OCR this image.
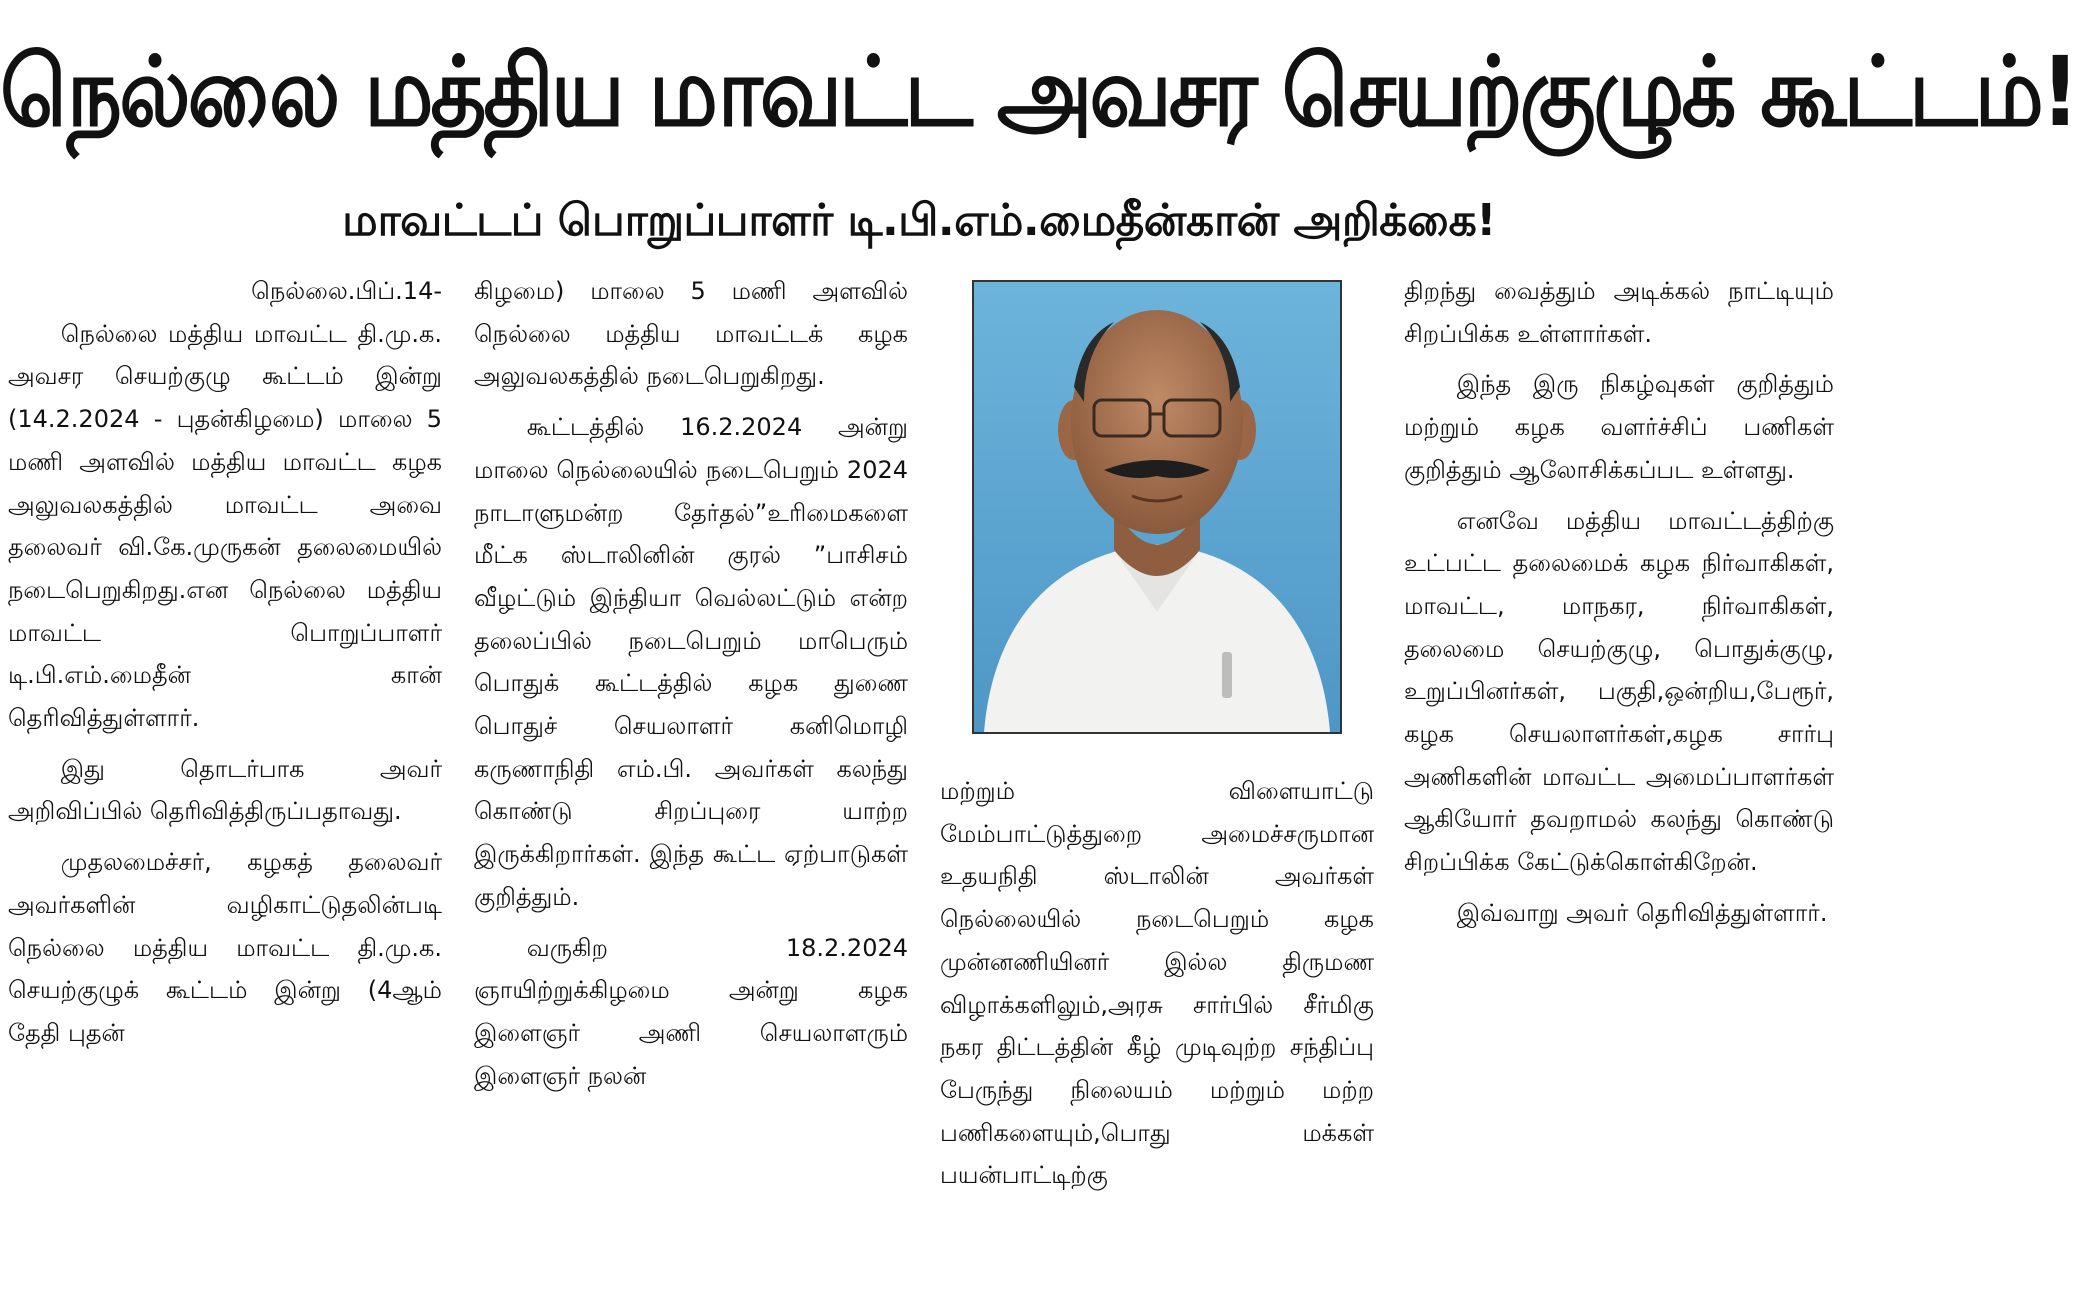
நெல்லை மத்திய மாவட்ட அவசர செயற்குழுக் கூட்டம்!
மாவட்டப் பொறுப்பாளர் டி.பி.எம்.மைதீன்கான் அறிக்கை!

நெல்லை.பிப்.14-

நெல்லை மத்திய மாவட்ட தி.மு.க. அவசர செயற்குழு கூட்டம் இன்று (14.2.2024 - புதன்கிழமை) மாலை 5 மணி அளவில் மத்திய மாவட்ட கழக அலுவலகத்தில் மாவட்ட அவை தலைவர் வி.கே.முருகன் தலைமையில் நடைபெறுகிறது.என நெல்லை மத்திய மாவட்ட பொறுப்பாளர் டி.பி.எம்.மைதீன் கான் தெரிவித்துள்ளார்.

இது தொடர்பாக அவர் அறிவிப்பில் தெரிவித்திருப்பதாவது.

முதலமைச்சர், கழகத் தலைவர் அவர்களின் வழிகாட்டுதலின்படி நெல்லை மத்திய மாவட்ட தி.மு.க. செயற்குழுக் கூட்டம் இன்று (4ஆம் தேதி புதன்

கிழமை) மாலை 5 மணி அளவில் நெல்லை மத்திய மாவட்டக் கழக அலுவலகத்தில் நடைபெறுகிறது.

கூட்டத்தில் 16.2.2024 அன்று மாலை நெல்லையில் நடைபெறும் 2024 நாடாளுமன்ற தேர்தல்”உரிமைகளை மீட்க ஸ்டாலினின் குரல் ”பாசிசம் வீழட்டும் இந்தியா வெல்லட்டும் என்ற தலைப்பில் நடைபெறும் மாபெரும் பொதுக் கூட்டத்தில் கழக துணை பொதுச் செயலாளர் கனிமொழி கருணாநிதி எம்.பி. அவர்கள் கலந்து கொண்டு சிறப்புரை யாற்ற இருக்கிறார்கள். இந்த கூட்ட ஏற்பாடுகள் குறித்தும்.

வருகிற 18.2.2024 ஞாயிற்றுக்கிழமை அன்று கழக இளைஞர் அணி செயலாளரும் இளைஞர் நலன்

மற்றும் விளையாட்டு மேம்பாட்டுத்துறை அமைச்சருமான உதயநிதி ஸ்டாலின் அவர்கள் நெல்லையில் நடைபெறும் கழக முன்னணியினர் இல்ல திருமண விழாக்களிலும்,அரசு சார்பில் சீர்மிகு நகர திட்டத்தின் கீழ் முடிவுற்ற சந்திப்பு பேருந்து நிலையம் மற்றும் மற்ற பணிகளையும்,பொது மக்கள் பயன்பாட்டிற்கு

திறந்து வைத்தும் அடிக்கல் நாட்டியும் சிறப்பிக்க உள்ளார்கள்.

இந்த இரு நிகழ்வுகள் குறித்தும் மற்றும் கழக வளர்ச்சிப் பணிகள் குறித்தும் ஆலோசிக்கப்பட உள்ளது.

எனவே மத்திய மாவட்டத்திற்கு உட்பட்ட தலைமைக் கழக நிர்வாகிகள், மாவட்ட, மாநகர, நிர்வாகிகள், தலைமை செயற்குழு, பொதுக்குழு, உறுப்பினர்கள், பகுதி,ஒன்றிய,பேரூர், கழக செயலாளர்கள்,கழக சார்பு அணிகளின் மாவட்ட அமைப்பாளர்கள் ஆகியோர் தவறாமல் கலந்து கொண்டு சிறப்பிக்க கேட்டுக்கொள்கிறேன்.

இவ்வாறு அவர் தெரிவித்துள்ளார்.
